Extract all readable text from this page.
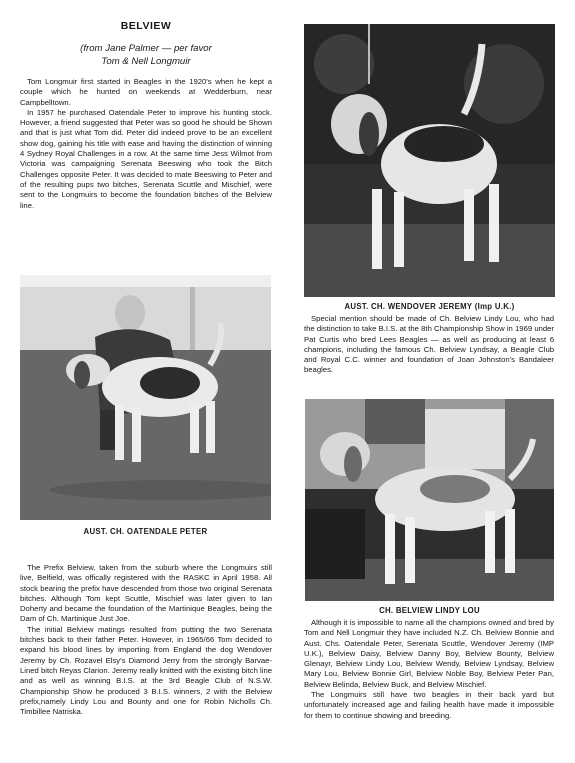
BELVIEW
(from Jane Palmer — per favor
Tom & Nell Longmuir

Tom Longmuir first started in Beagles in the 1920's when he kept a couple which he hunted on weekends at Wedderburn, near Campbelltown.

In 1957 he purchased Oatendale Peter to improve his hunting stock. However, a friend suggested that Peter was so good he should be Shown and that is just what Tom did. Peter did indeed prove to be an excellent show dog, gaining his title with ease and having the distinction of winning 4 Sydney Royal Challenges in a row. At the same time Jess Wilmot from Victoria was campaigning Serenata Beeswing who took the Bitch Challenges opposite Peter. It was decided to mate Beeswing to Peter and of the resulting pups two bitches, Serenata Scuttle and Mischief, were sent to the Longmuirs to become the foundation bitches of the Belview line.

AUST. CH. OATENDALE PETER

The Prefix Belview, taken from the suburb where the Longmuirs still live, Belfield, was offically registered with the RASKC in April 1958. All stock bearing the prefix have descended from those two original Serenata bitches. Although Tom kept Scuttle, Mischief was later given to Ian Doherty and became the foundation of the Martinique Beagles, being the Dam of Ch. Martinique Just Joe.

The initial Belview matings resulted from putting the two Serenata bitches back to their father Peter. However, in 1965/66 Tom decided to expand his blood lines by importing from England the dog Wendover Jeremy by Ch. Rozavel Elsy's Diamond Jerry from the strongly Barvae-Lined bitch Reyas Clarion. Jeremy really knitted with the existing bitch line and as well as winning B.I.S. at the 3rd Beagle Club of N.S.W. Championship Show he produced 3 B.I.S. winners, 2 with the Belview prefix,namely Lindy Lou and Bounty and one for Robin Nicholls Ch. Timbillee Natriska.

AUST. CH. WENDOVER JEREMY (Imp U.K.)

Special mention should be made of Ch. Belview Lindy Lou, who had the distinction to take B.I.S. at the 8th Championship Show in 1969 under Pat Curtis who bred Lees Beagles — as well as producing at least 6 champions, including the famous Ch. Belview Lyndsay, a Beagle Club and Royal C.C. winner and foundation of Joan Johnston's Bandaleer beagles.

CH. BELVIEW LINDY LOU

Although it is impossible to name all the champions owned and bred by Tom and Nell Longmuir they have included N.Z. Ch. Belview Bonnie and Aust. Chs. Oatendale Peter, Serenata Scuttle, Wendover Jeremy (IMP U.K.), Belview Daisy, Belview Danny Boy, Belview Bounty, Belview Glenayr, Belview Lindy Lou, Belview Wendy, Belview Lyndsay, Belview Mary Lou, Belview Bonnie Girl, Belview Noble Boy, Belview Peter Pan, Belview Belinda, Belview Buck, and Belview Mischief.

The Longmuirs still have two beagles in their back yard but unfortunately increased age and failing health have made it impossible for them to continue showing and breeding.
